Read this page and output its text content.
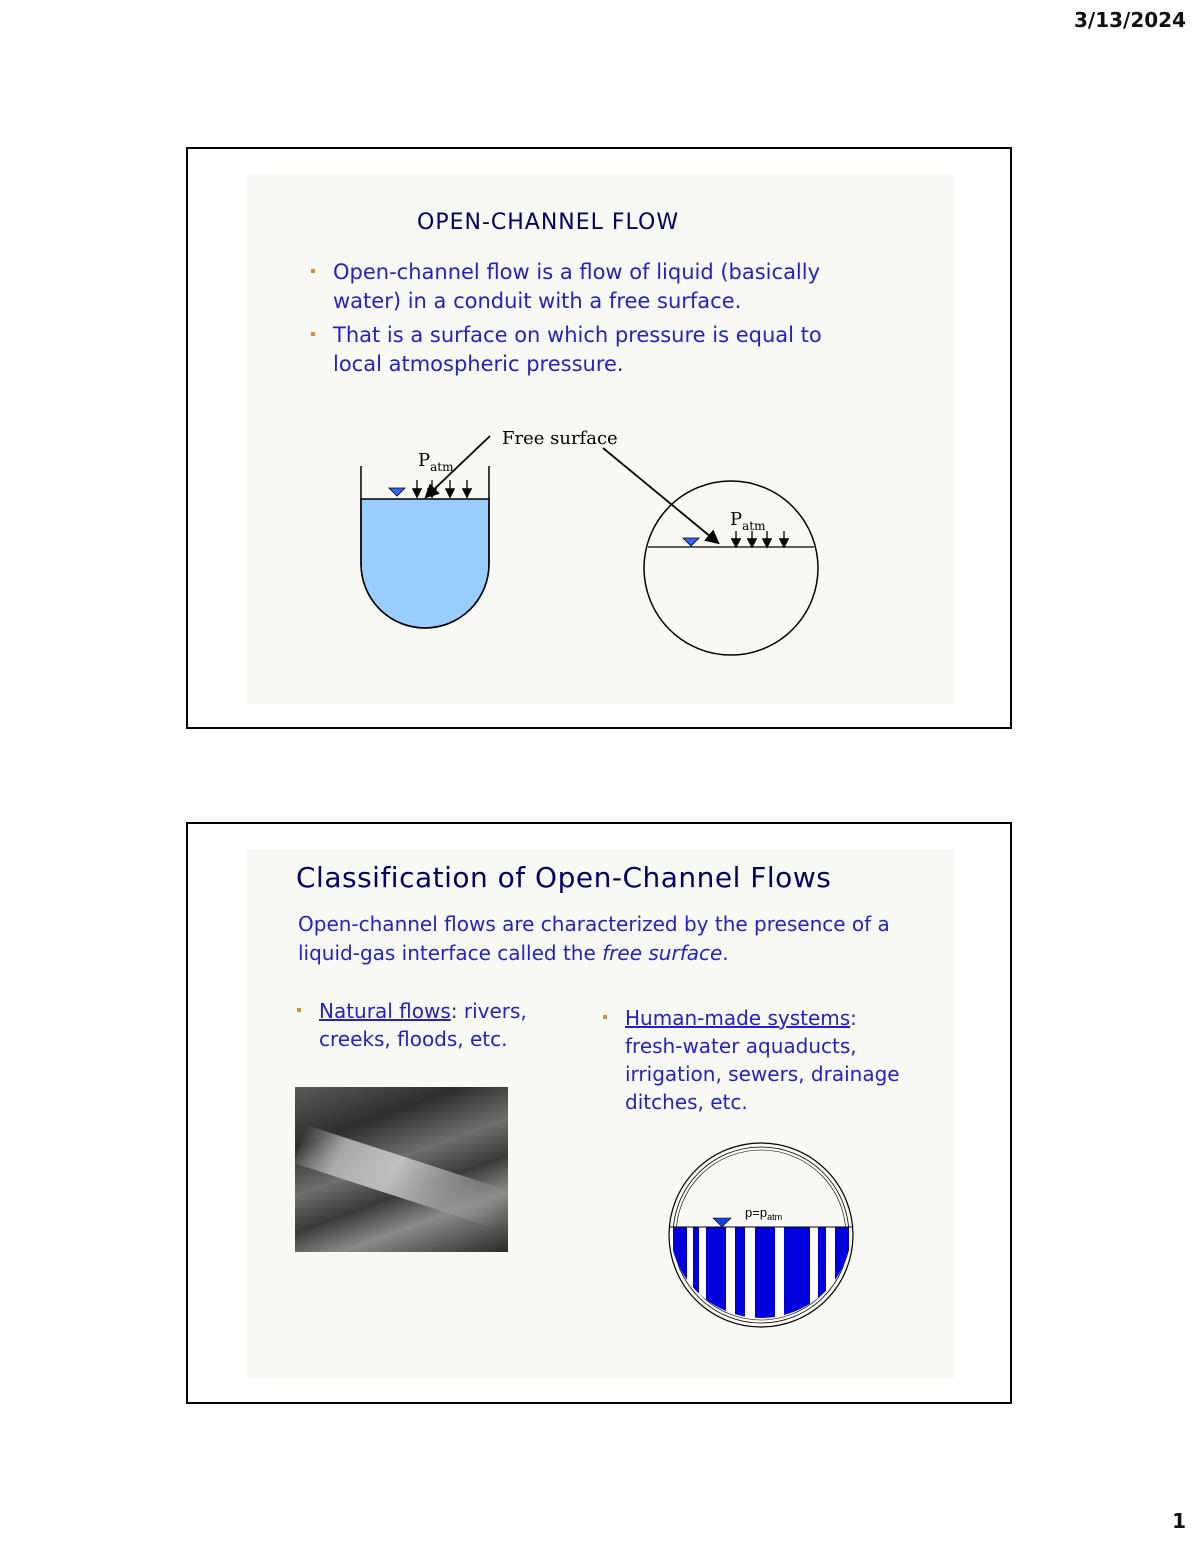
3/13/2024
OPEN-CHANNEL FLOW
Open-channel flow is a flow of liquid (basically water) in a conduit with a free surface.
That is a surface on which pressure is equal to local atmospheric pressure.
$P_{atm}$
Free surface
$P_{atm}$
Classification of Open-Channel Flows
Open-channel flows are characterized by the presence of a liquid-gas interface called the free surface.
Natural flows: rivers, creeks, floods, etc.
Human-made systems: fresh-water aquaducts, irrigation, sewers, drainage ditches, etc.
$p=p_{atm}$
1
